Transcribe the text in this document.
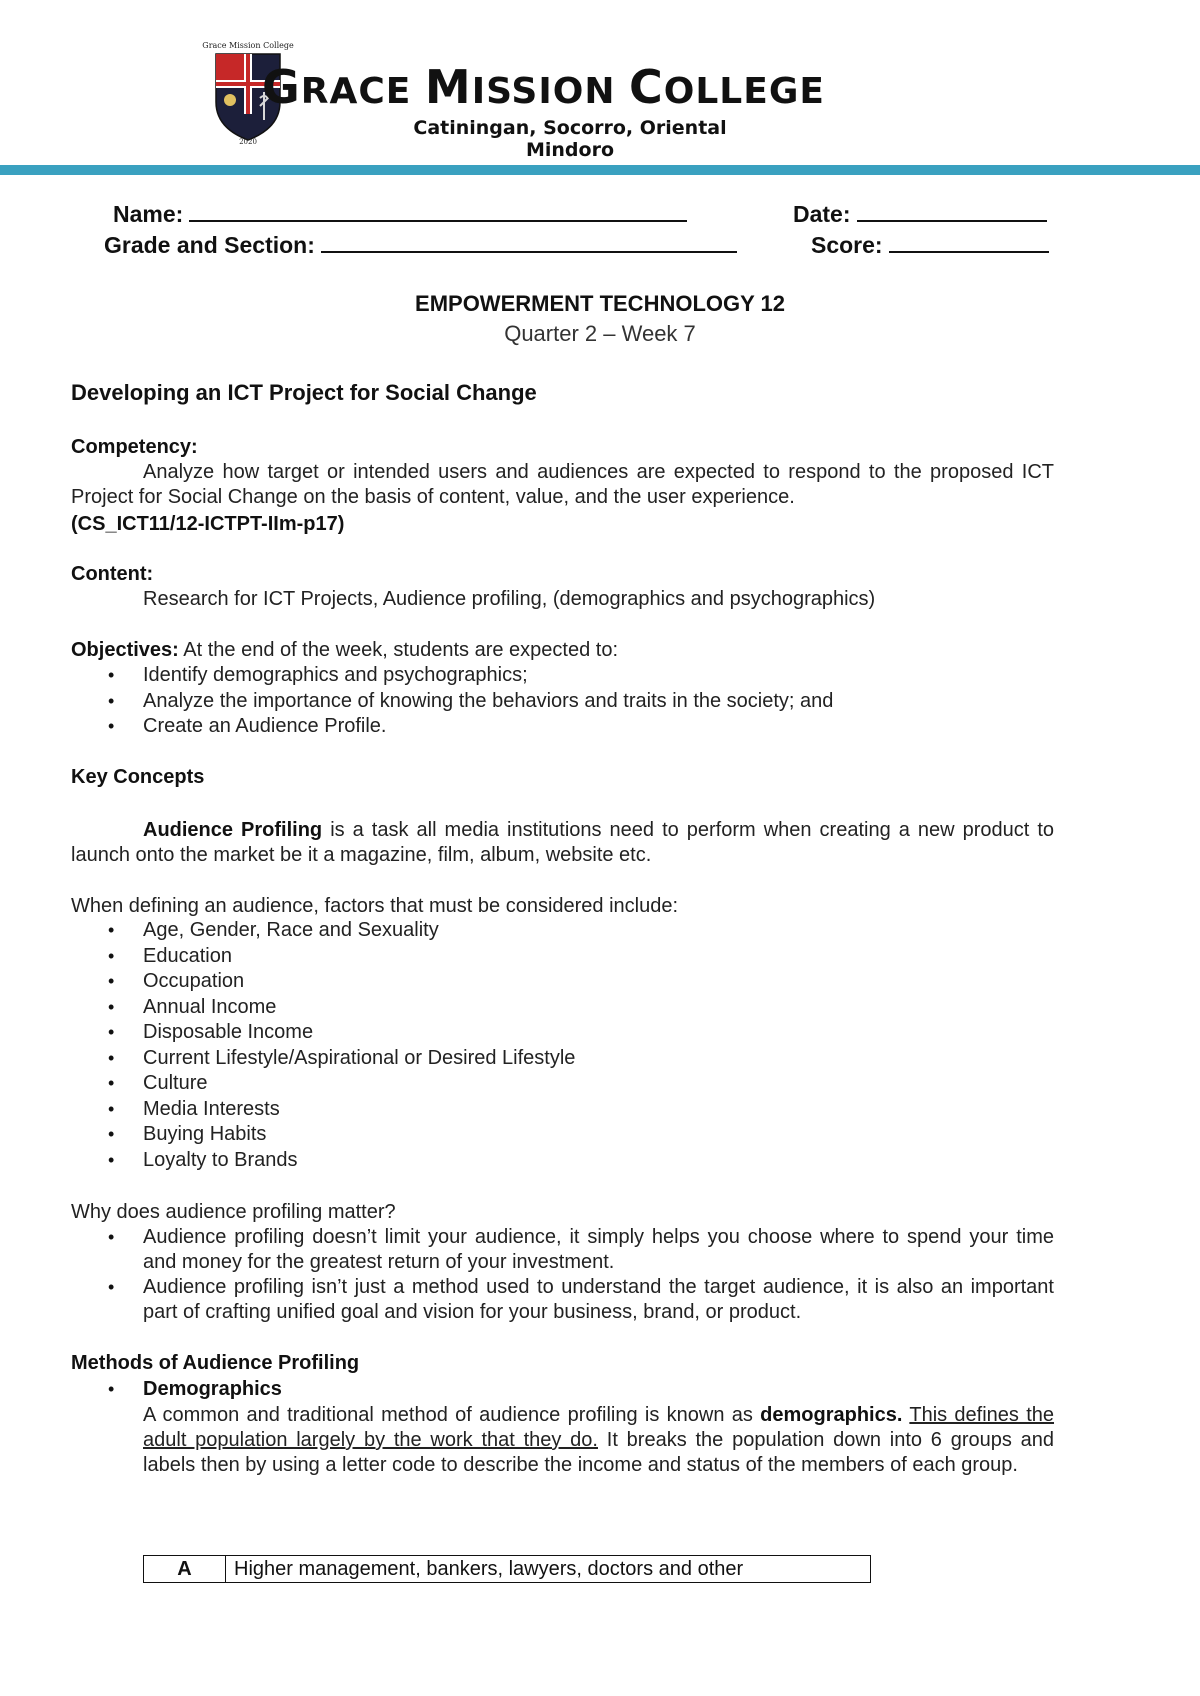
Grace Mission College
2020
GRACE MISSION COLLEGE
Catiningan, Socorro, Oriental Mindoro
Name:	Date:
Grade and Section:	Score:
EMPOWERMENT TECHNOLOGY 12
Quarter 2 – Week 7
Developing an ICT Project for Social Change
Competency:
Analyze how target or intended users and audiences are expected to respond to the proposed ICT Project for Social Change on the basis of content, value, and the user experience.
(CS_ICT11/12-ICTPT-IIm-p17)
Content:
Research for ICT Projects, Audience profiling, (demographics and psychographics)
Objectives: At the end of the week, students are expected to:
• Identify demographics and psychographics;
• Analyze the importance of knowing the behaviors and traits in the society; and
• Create an Audience Profile.
Key Concepts
Audience Profiling is a task all media institutions need to perform when creating a new product to launch onto the market be it a magazine, film, album, website etc.
When defining an audience, factors that must be considered include:
• Age, Gender, Race and Sexuality
• Education
• Occupation
• Annual Income
• Disposable Income
• Current Lifestyle/Aspirational or Desired Lifestyle
• Culture
• Media Interests
• Buying Habits
• Loyalty to Brands
Why does audience profiling matter?
• Audience profiling doesn’t limit your audience, it simply helps you choose where to spend your time and money for the greatest return of your investment.
• Audience profiling isn’t just a method used to understand the target audience, it is also an important part of crafting unified goal and vision for your business, brand, or product.
Methods of Audience Profiling
• Demographics
A common and traditional method of audience profiling is known as demographics. This defines the adult population largely by the work that they do. It breaks the population down into 6 groups and labels then by using a letter code to describe the income and status of the members of each group.
A	Higher management, bankers, lawyers, doctors and other
